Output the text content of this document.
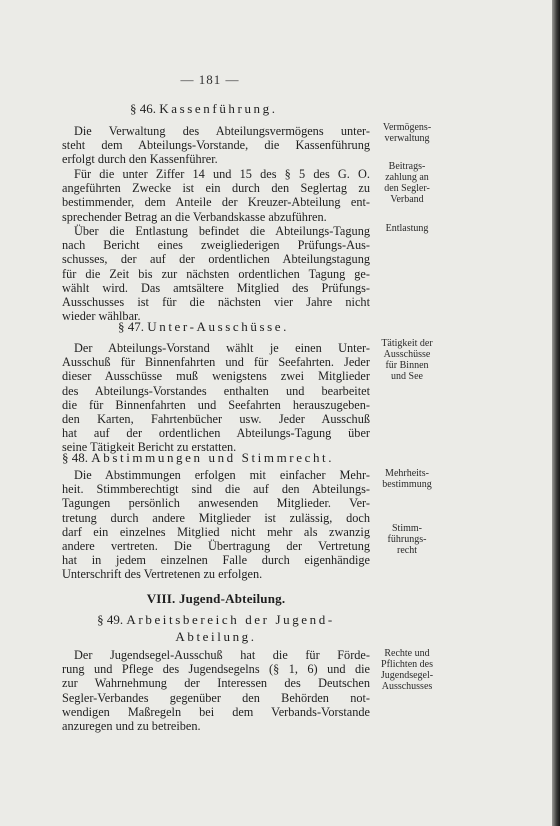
— 181 —
§ 46. Kassenführung.
Die Verwaltung des Abteilungsvermögens unter-
steht dem Abteilungs-Vorstande, die Kassenführung
erfolgt durch den Kassenführer.
Vermögens-
verwaltung
Für die unter Ziffer 14 und 15 des § 5 des G. O.
angeführten Zwecke ist ein durch den Seglertag zu
bestimmender, dem Anteile der Kreuzer-Abteilung ent-
sprechender Betrag an die Verbandskasse abzuführen.
Beitrags-
zahlung an
den Segler-
Verband
Über die Entlastung befindet die Abteilungs-Tagung
nach Bericht eines zweigliederigen Prüfungs-Aus-
schusses, der auf der ordentlichen Abteilungstagung
für die Zeit bis zur nächsten ordentlichen Tagung ge-
wählt wird. Das amtsältere Mitglied des Prüfungs-
Ausschusses ist für die nächsten vier Jahre nicht
wieder wählbar.
Entlastung
§ 47. Unter-Ausschüsse.
Der Abteilungs-Vorstand wählt je einen Unter-
Ausschuß für Binnenfahrten und für Seefahrten. Jeder
dieser Ausschüsse muß wenigstens zwei Mitglieder
des Abteilungs-Vorstandes enthalten und bearbeitet
die für Binnenfahrten und Seefahrten herauszugeben-
den Karten, Fahrtenbücher usw. Jeder Ausschuß
hat auf der ordentlichen Abteilungs-Tagung über
seine Tätigkeit Bericht zu erstatten.
Tätigkeit der
Ausschüsse
für Binnen
und See
§ 48. Abstimmungen und Stimmrecht.
Die Abstimmungen erfolgen mit einfacher Mehr-
heit. Stimmberechtigt sind die auf den Abteilungs-
Tagungen persönlich anwesenden Mitglieder. Ver-
tretung durch andere Mitglieder ist zulässig, doch
darf ein einzelnes Mitglied nicht mehr als zwanzig
andere vertreten. Die Übertragung der Vertretung
hat in jedem einzelnen Falle durch eigenhändige
Unterschrift des Vertretenen zu erfolgen.
Mehrheits-
bestimmung
Stimm-
führungs-
recht
VIII. Jugend-Abteilung.
§ 49. Arbeitsbereich der Jugend-
Abteilung.
Der Jugendsegel-Ausschuß hat die für Förde-
rung und Pflege des Jugendsegelns (§ 1, 6) und die
zur Wahrnehmung der Interessen des Deutschen
Segler-Verbandes gegenüber den Behörden not-
wendigen Maßregeln bei dem Verbands-Vorstande
anzuregen und zu betreiben.
Rechte und
Pflichten des
Jugendsegel-
Ausschusses
